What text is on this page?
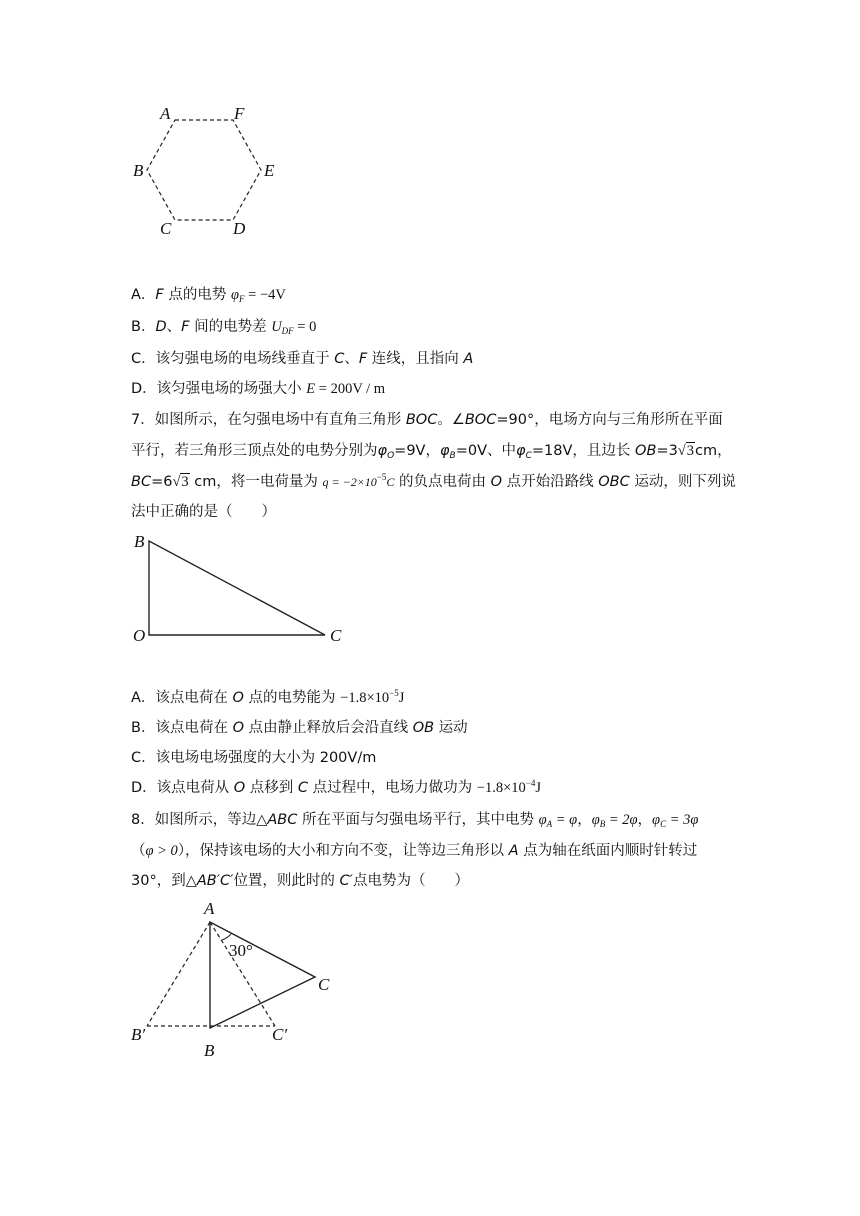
A	F
B	E
C	D
A．F 点的电势 $\varphi_F = -4V$
B．D、F 间的电势差 $U_{DF} = 0$
C．该匀强电场的电场线垂直于 C、F 连线，且指向 A
D．该匀强电场的场强大小 E = 200V / m
7．如图所示，在匀强电场中有直角三角形 BOC。∠BOC=90°，电场方向与三角形所在平面
平行，若三角形三顶点处的电势分别为$\varphi_O=9V$，$\varphi_B=0V$、中$\varphi_C=18V$，且边长 OB=3√3cm，
BC=6√3 cm，将一电荷量为 $q = -2\times 10^{-5}C$ 的负点电荷由 O 点开始沿路线 OBC 运动，则下列说
法中正确的是（　　）
B
O	C
A．该点电荷在 O 点的电势能为 $-1.8\times 10^{-5}J$
B．该点电荷在 O 点由静止释放后会沿直线 OB 运动
C．该电场电场强度的大小为 200V/m
D．该点电荷从 O 点移到 C 点过程中，电场力做功为 $-1.8\times 10^{-4}J$
8．如图所示，等边△ABC 所在平面与匀强电场平行，其中电势 $\varphi_A = \varphi$，$\varphi_B = 2\varphi$，$\varphi_C = 3\varphi$
（φ > 0），保持该电场的大小和方向不变，让等边三角形以 A 点为轴在纸面内顺时针转过
30°，到△AB′C′位置，则此时的 C′点电势为（　　）
A
30°
C
B′	C′
B
